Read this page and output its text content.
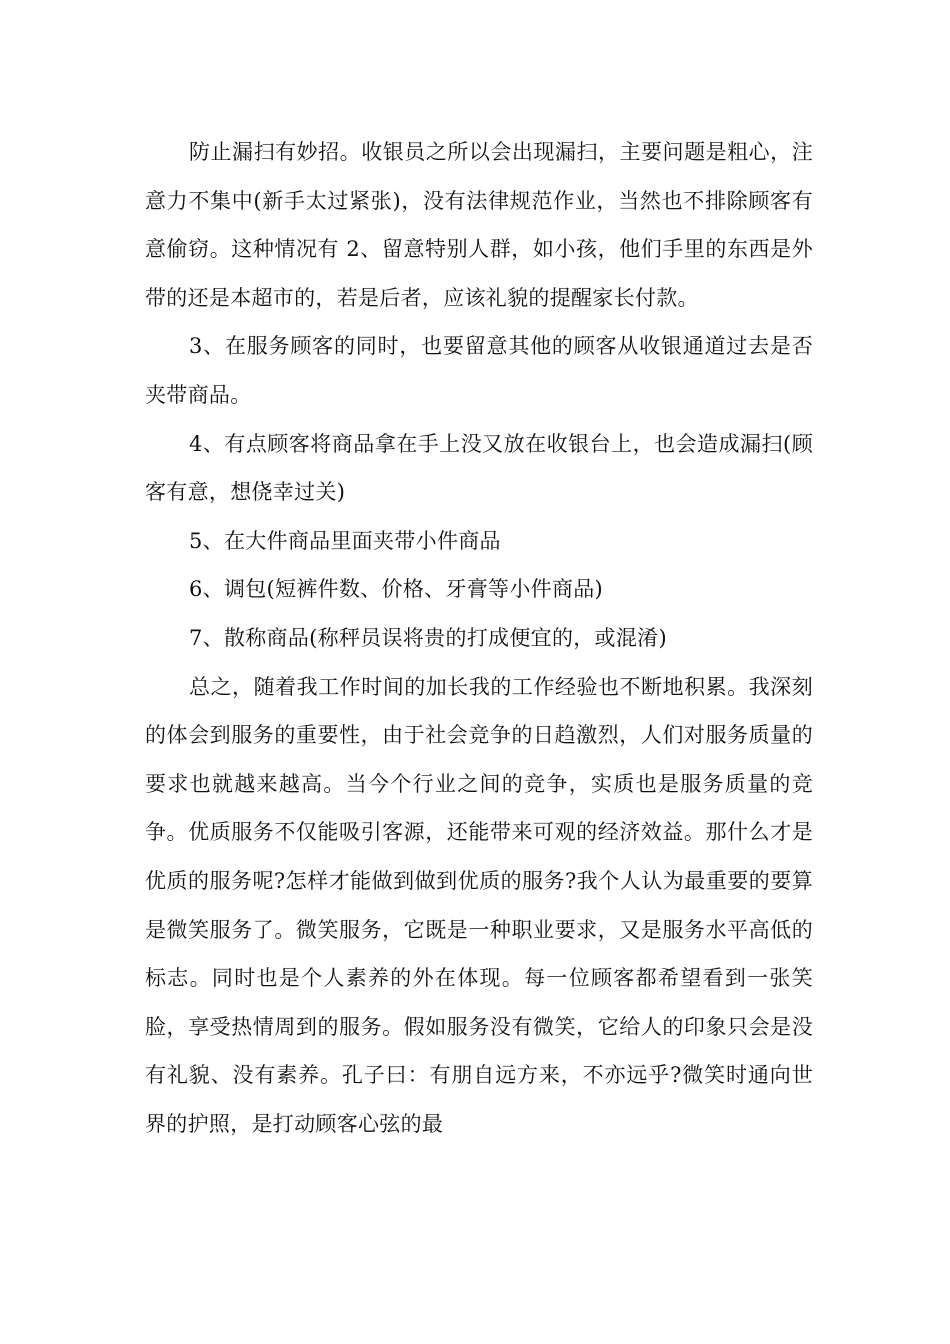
防止漏扫有妙招。收银员之所以会出现漏扫，主要问题是粗心，注意力不集中(新手太过紧张)，没有法律规范作业，当然也不排除顾客有意偷窃。这种情况有 2、留意特别人群，如小孩，他们手里的东西是外带的还是本超市的，若是后者，应该礼貌的提醒家长付款。

3、在服务顾客的同时，也要留意其他的顾客从收银通道过去是否夹带商品。

4、有点顾客将商品拿在手上没又放在收银台上，也会造成漏扫(顾客有意，想侥幸过关)

5、在大件商品里面夹带小件商品

6、调包(短裤件数、价格、牙膏等小件商品)

7、散称商品(称秤员误将贵的打成便宜的，或混淆)

总之，随着我工作时间的加长我的工作经验也不断地积累。我深刻的体会到服务的重要性，由于社会竞争的日趋激烈，人们对服务质量的要求也就越来越高。当今个行业之间的竞争，实质也是服务质量的竞争。优质服务不仅能吸引客源，还能带来可观的经济效益。那什么才是优质的服务呢?怎样才能做到做到优质的服务?我个人认为最重要的要算是微笑服务了。微笑服务，它既是一种职业要求，又是服务水平高低的标志。同时也是个人素养的外在体现。每一位顾客都希望看到一张笑脸，享受热情周到的服务。假如服务没有微笑，它给人的印象只会是没有礼貌、没有素养。孔子曰：有朋自远方来，不亦远乎?微笑时通向世界的护照，是打动顾客心弦的最
